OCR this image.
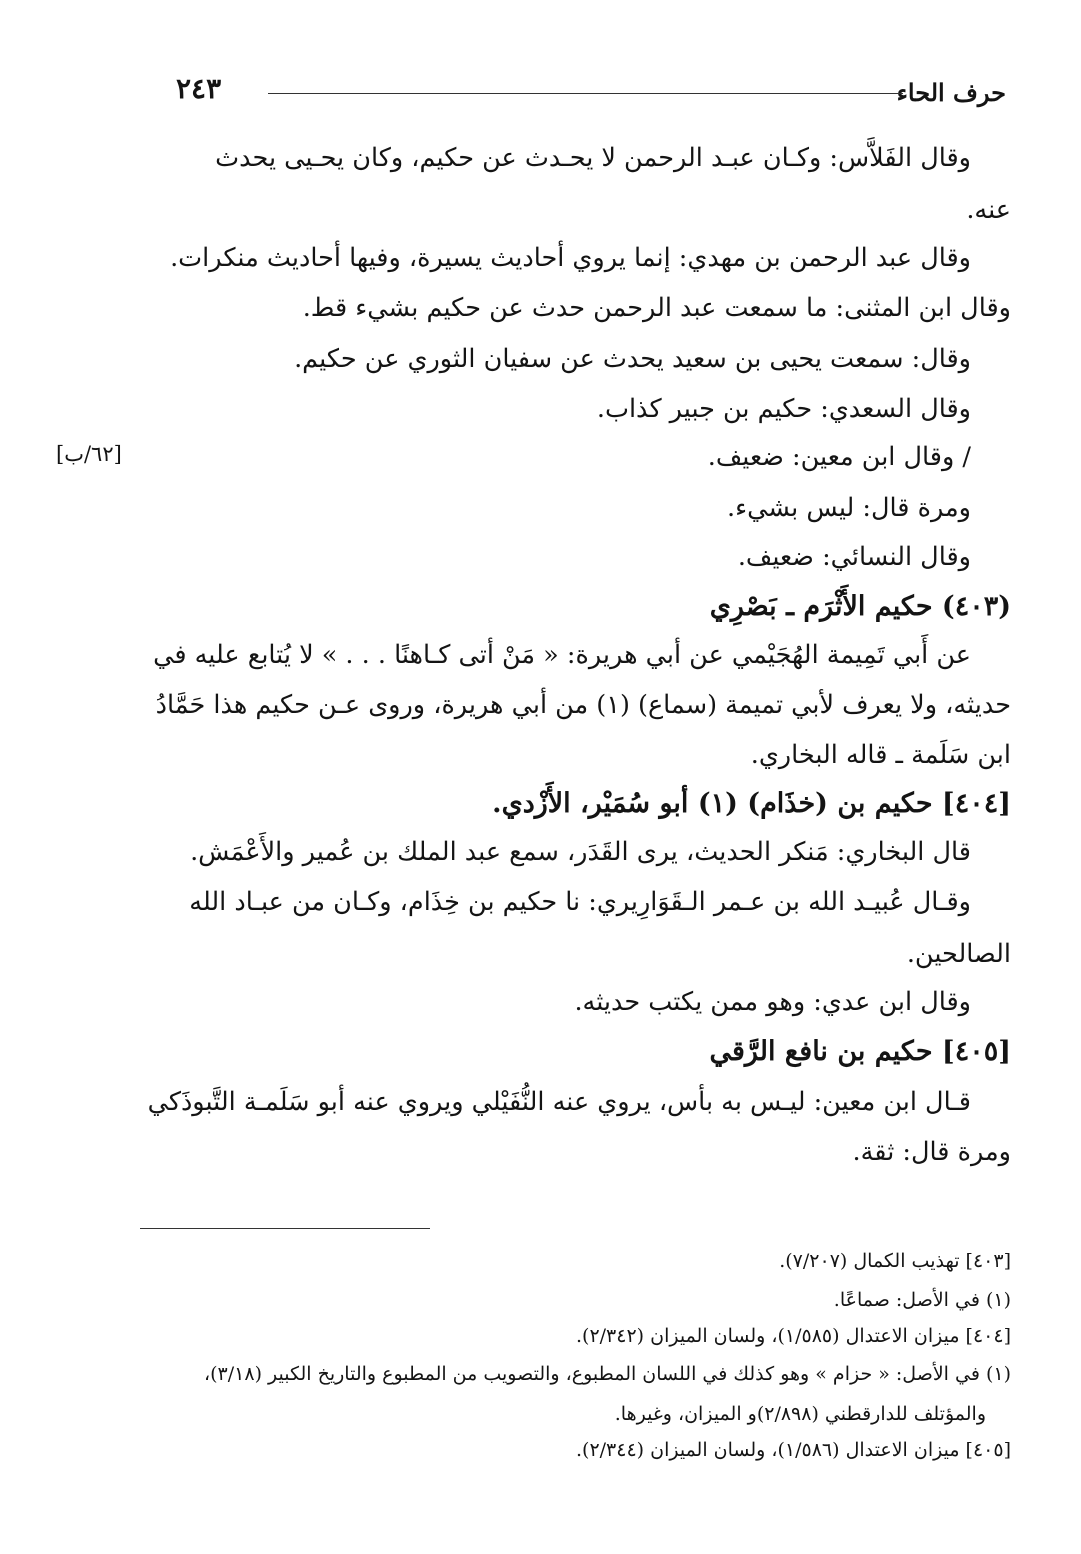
حرف الحاء
٢٤٣
[٦٢/ب]
وقال الفَلاَّس: وكـان عبـد الرحمن لا يحـدث عن حكيم، وكان يحـيى يحدث
عنه.
وقال عبد الرحمن بن مهدي: إنما يروي أحاديث يسيرة، وفيها أحاديث منكرات.
وقال ابن المثنى: ما سمعت عبد الرحمن حدث عن حكيم بشيء قط.
وقال: سمعت يحيى بن سعيد يحدث عن سفيان الثوري عن حكيم.
وقال السعدي: حكيم بن جبير كذاب.
/ وقال ابن معين: ضعيف.
ومرة قال: ليس بشيء.
وقال النسائي: ضعيف.
(٤٠٣) حكيم الأَثْرَم ـ بَصْرِي
عن أَبي تَمِيمة الهُجَيْمي عن أبي هريرة: « مَنْ أتى كـاهنًا . . . » لا يُتابع عليه في
حديثه، ولا يعرف لأبي تميمة (سماع) (١) من أبي هريرة، وروى عـن حكيم هذا حَمَّادُ
ابن سَلَمة ـ قاله البخاري.
[٤٠٤] حكيم بن (خذَام) (١) أبو سُمَيْر، الأَزْدي.
قال البخاري: مَنكر الحديث، يرى القَدَر، سمع عبد الملك بن عُمير والأَعْمَش.
وقـال عُبيـد الله بن عـمر الـقَوَارِيري: نا حكيم بن خِذَام، وكـان من عبـاد الله
الصالحين.
وقال ابن عدي: وهو ممن يكتب حديثه.
[٤٠٥] حكيم بن نافع الرَّقي
قـال ابن معين: ليـس به بأس، يروي عنه النُّفَيْلي ويروي عنه أبو سَلَمـة التَّبوذَكي
ومرة قال: ثقة.
[٤٠٣] تهذيب الكمال (٧/٢٠٧).
(١) في الأصل: صماعًا.
[٤٠٤] ميزان الاعتدال (١/٥٨٥)، ولسان الميزان (٢/٣٤٢).
(١) في الأصل: « حزام » وهو كذلك في اللسان المطبوع، والتصويب من المطبوع والتاريخ الكبير (٣/١٨)،
والمؤتلف للدارقطني (٢/٨٩٨)و الميزان، وغيرها.
[٤٠٥] ميزان الاعتدال (١/٥٨٦)، ولسان الميزان (٢/٣٤٤).
